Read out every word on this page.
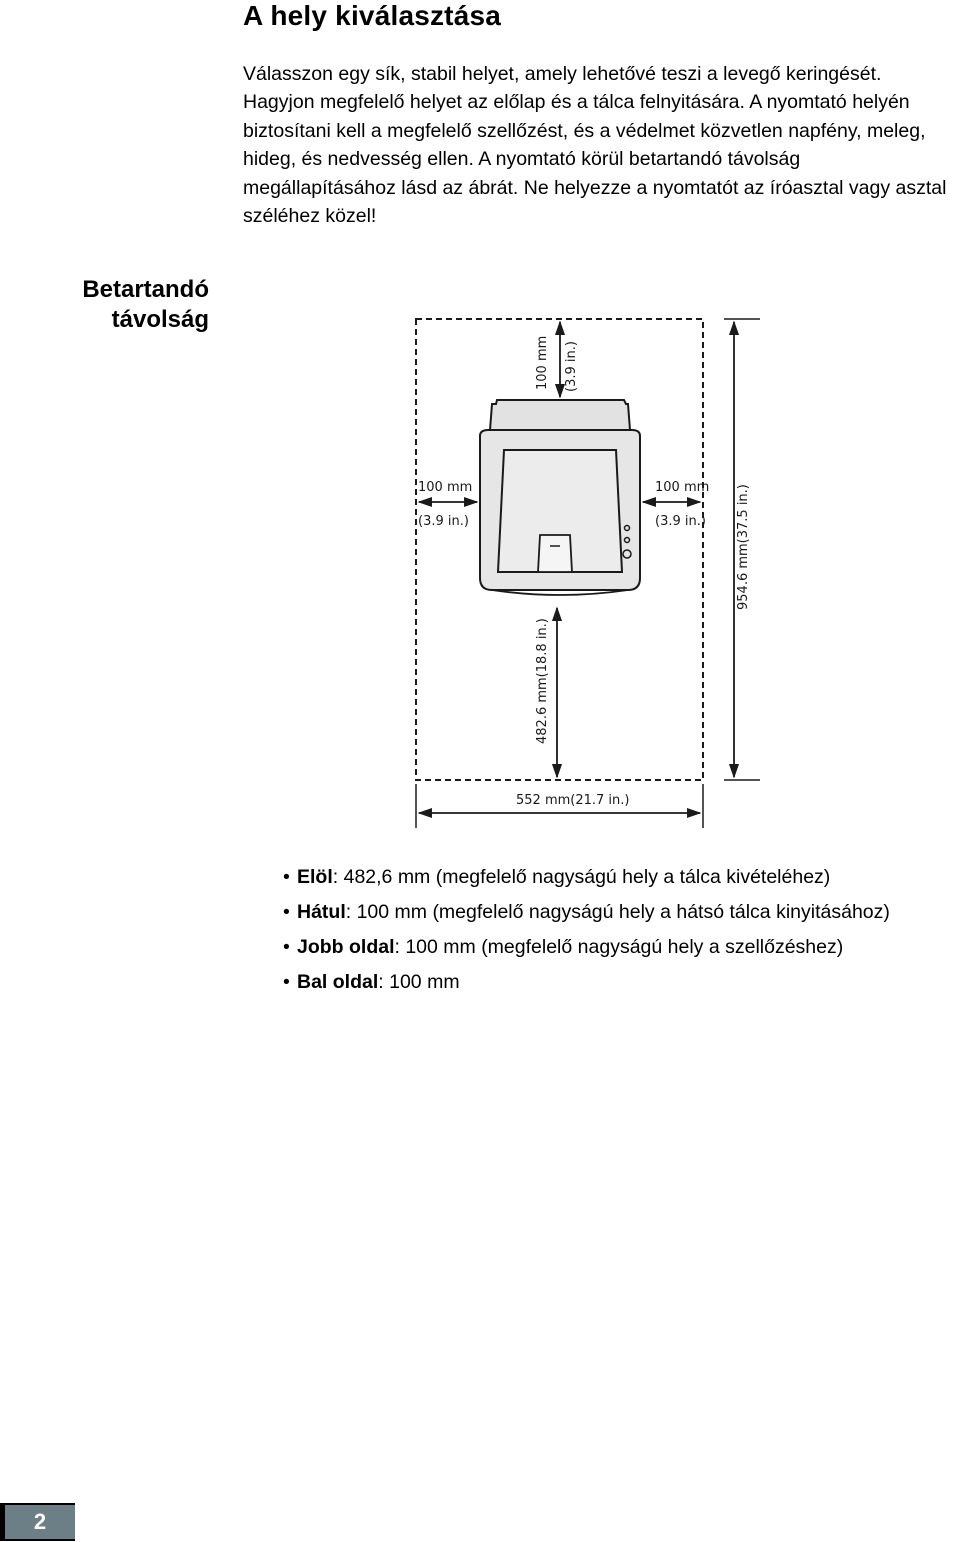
A hely kiválasztása

Válasszon egy sík, stabil helyet, amely lehetővé teszi a levegő keringését. Hagyjon megfelelő helyet az előlap és a tálca felnyitására. A nyomtató helyén biztosítani kell a megfelelő szellőzést, és a védelmet közvetlen napfény, meleg, hideg, és nedvesség ellen. A nyomtató körül betartandó távolság megállapításához lásd az ábrát. Ne helyezze a nyomtatót az íróasztal vagy asztal széléhez közel!

Betartandó
távolság
100 mm (3.9 in.)
100 mm
(3.9 in.)
100 mm
(3.9 in.)
482.6 mm(18.8 in.)
954.6 mm(37.5 in.)
552 mm(21.7 in.)
• Elöl: 482,6 mm (megfelelő nagyságú hely a tálca kivételéhez)
• Hátul: 100 mm (megfelelő nagyságú hely a hátsó tálca kinyitásához)
• Jobb oldal: 100 mm (megfelelő nagyságú hely a szellőzéshez)
• Bal oldal: 100 mm
2
